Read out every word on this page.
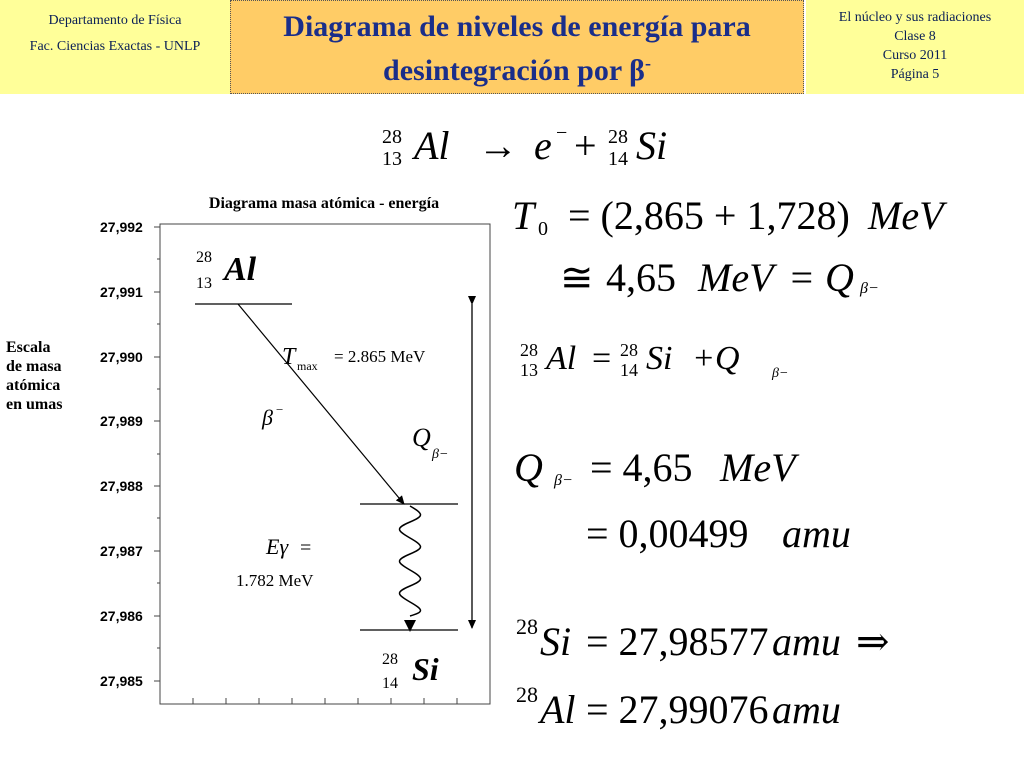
Departamento de Física
Fac. Ciencias Exactas - UNLP
Diagrama de niveles de energía para
desintegración por β-
El núcleo y sus radiaciones
Clase 8
Curso 2011
Página 5
28
13 Al → e − + 28
14 Si
Escala
de masa
atómica
en umas
Diagrama masa atómica - energía
27,992
27,991
27,990
27,989
27,988
27,987
27,986
27,985
28
13 Al
T max = 2.865 MeV
β −
Q
β−
Eγ =
1.782 MeV
28
14 Si
T 0 = (2,865 + 1,728) MeV
≅ 4,65 MeV = Q β−
28
13 Al = 28
14 Si +Q β−
Q β− = 4,65 MeV
= 0,00499 amu
28 Si = 27,98577 amu ⇒
28 Al = 27,99076 amu
